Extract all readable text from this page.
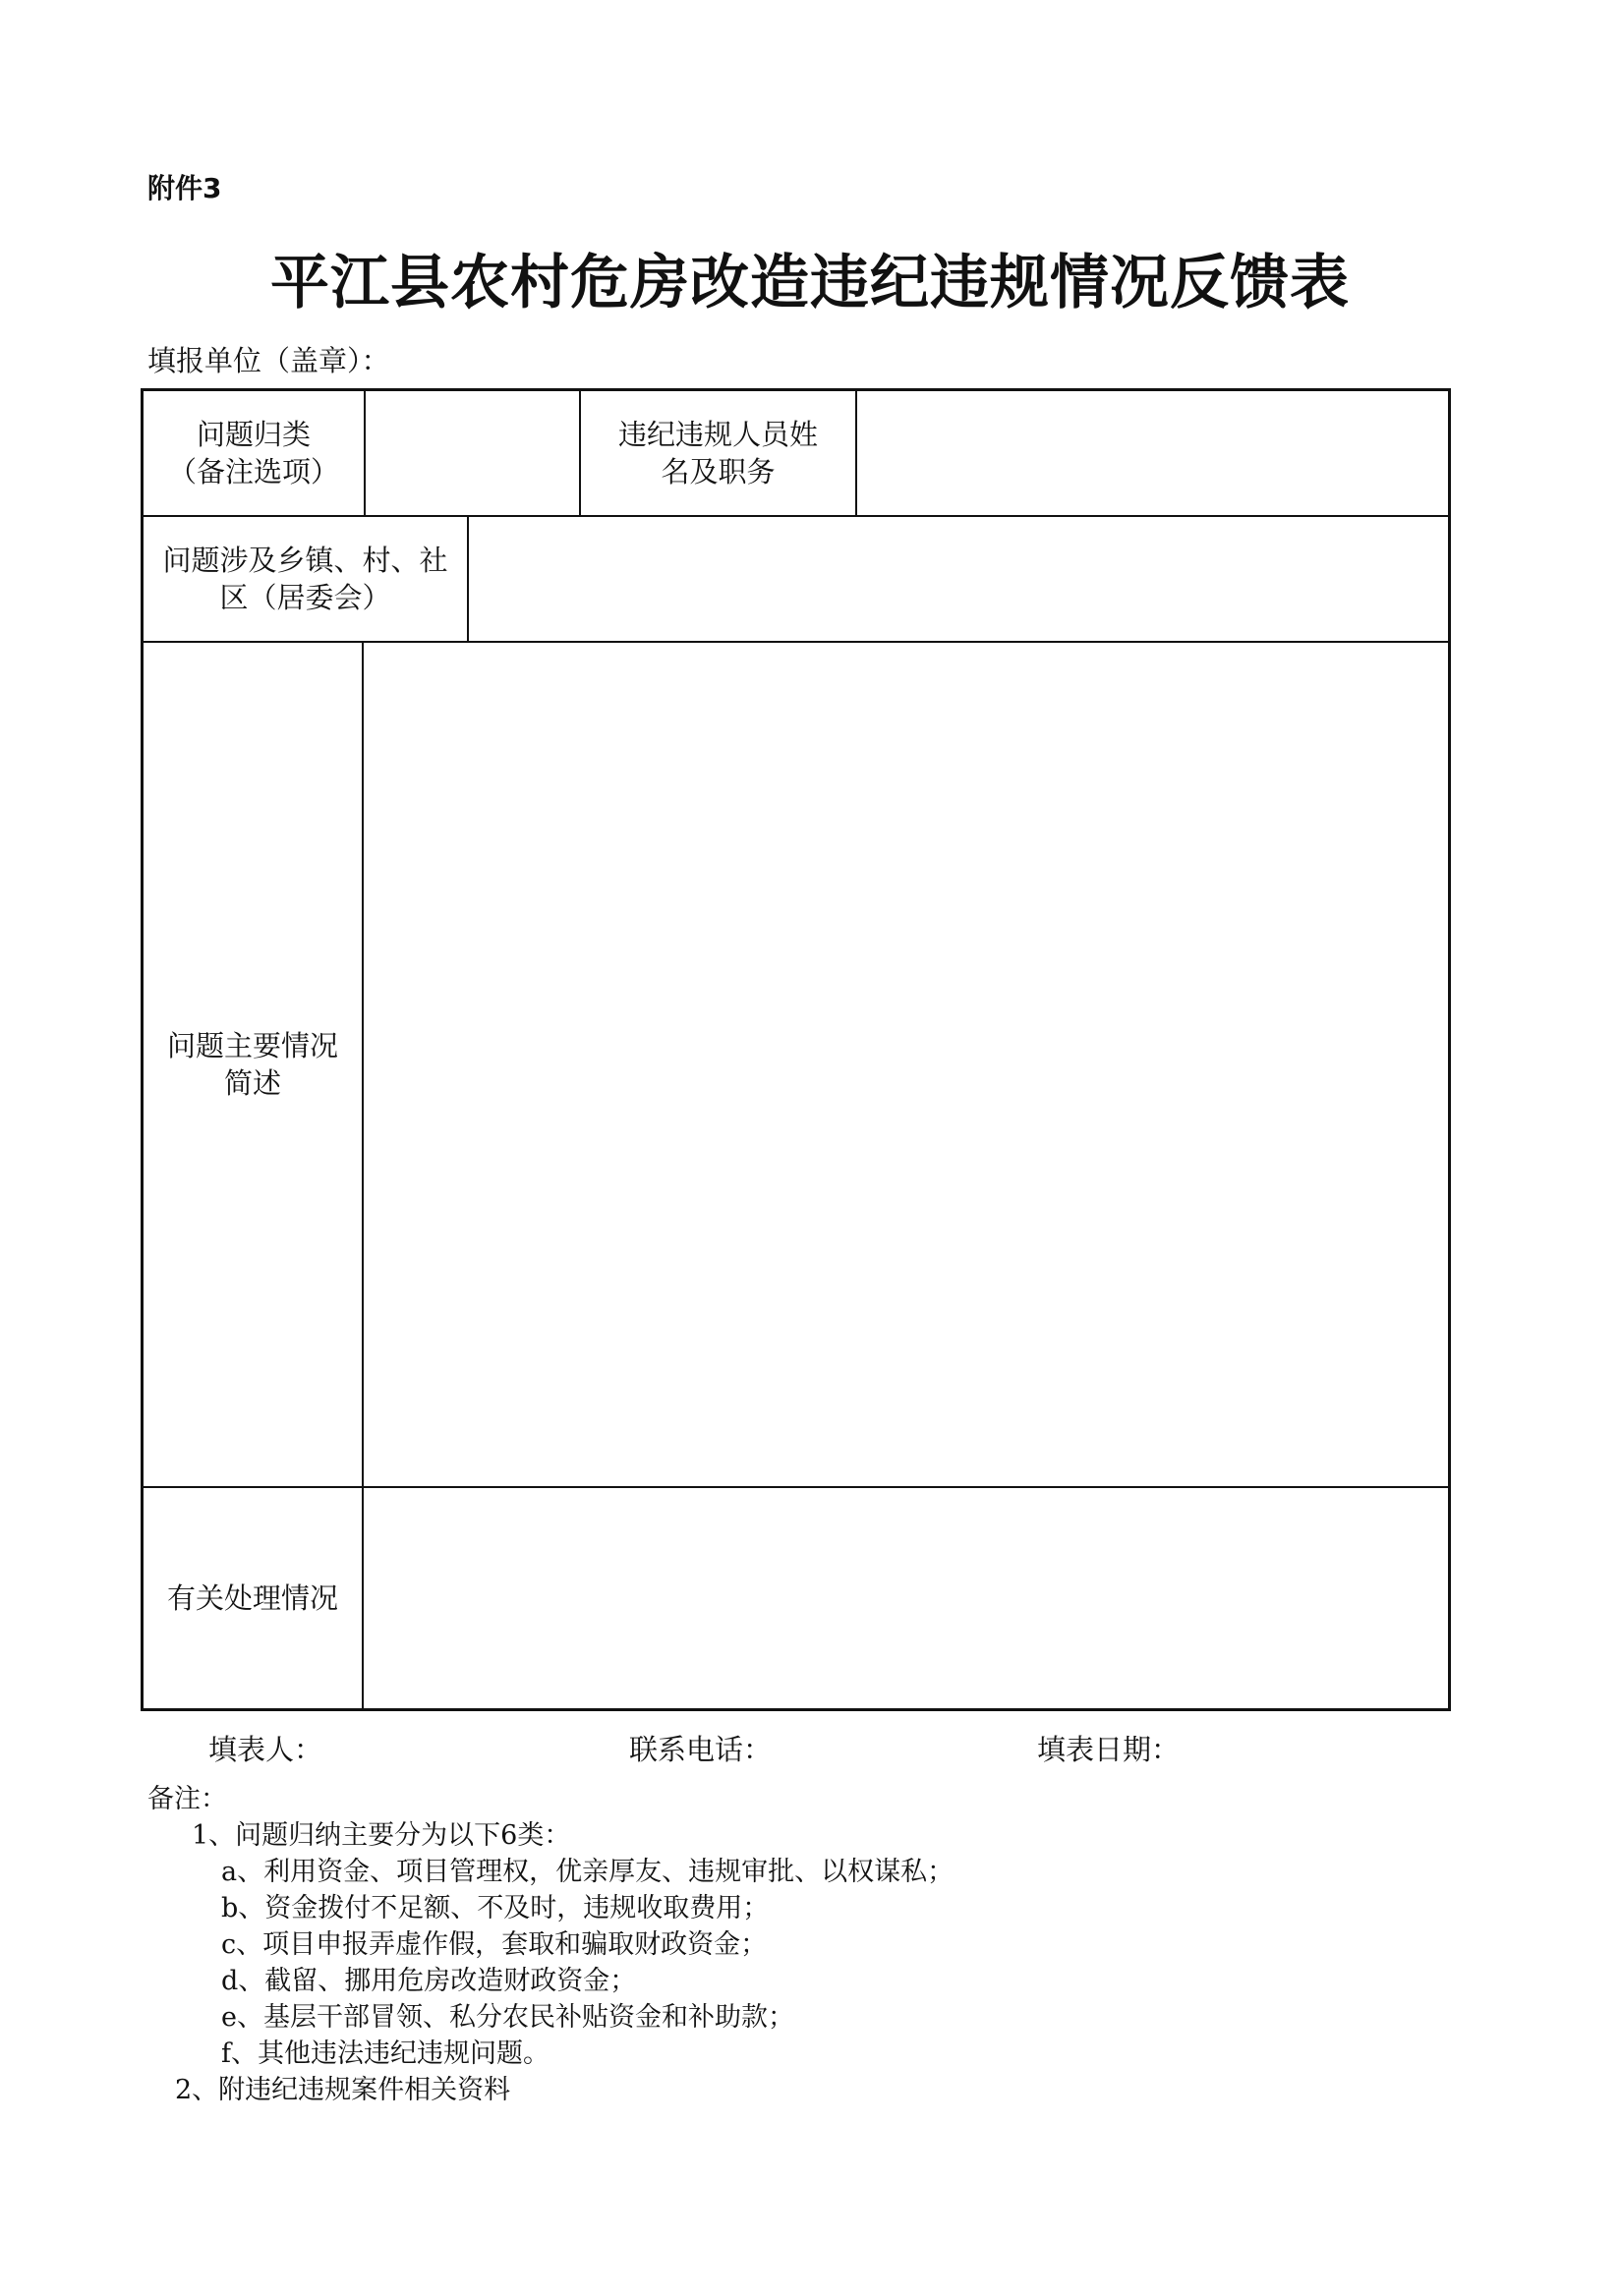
附件3
平江县农村危房改造违纪违规情况反馈表
填报单位（盖章）：
问题归类
（备注选项）
违纪违规人员姓
名及职务
问题涉及乡镇、村、社
区（居委会）
问题主要情况
简述
有关处理情况
填表人：	联系电话：	填表日期：
备注：
1、问题归纳主要分为以下6类：
a、利用资金、项目管理权，优亲厚友、违规审批、以权谋私；
b、资金拨付不足额、不及时，违规收取费用；
c、项目申报弄虚作假，套取和骗取财政资金；
d、截留、挪用危房改造财政资金；
e、基层干部冒领、私分农民补贴资金和补助款；
f、其他违法违纪违规问题。
2、附违纪违规案件相关资料
